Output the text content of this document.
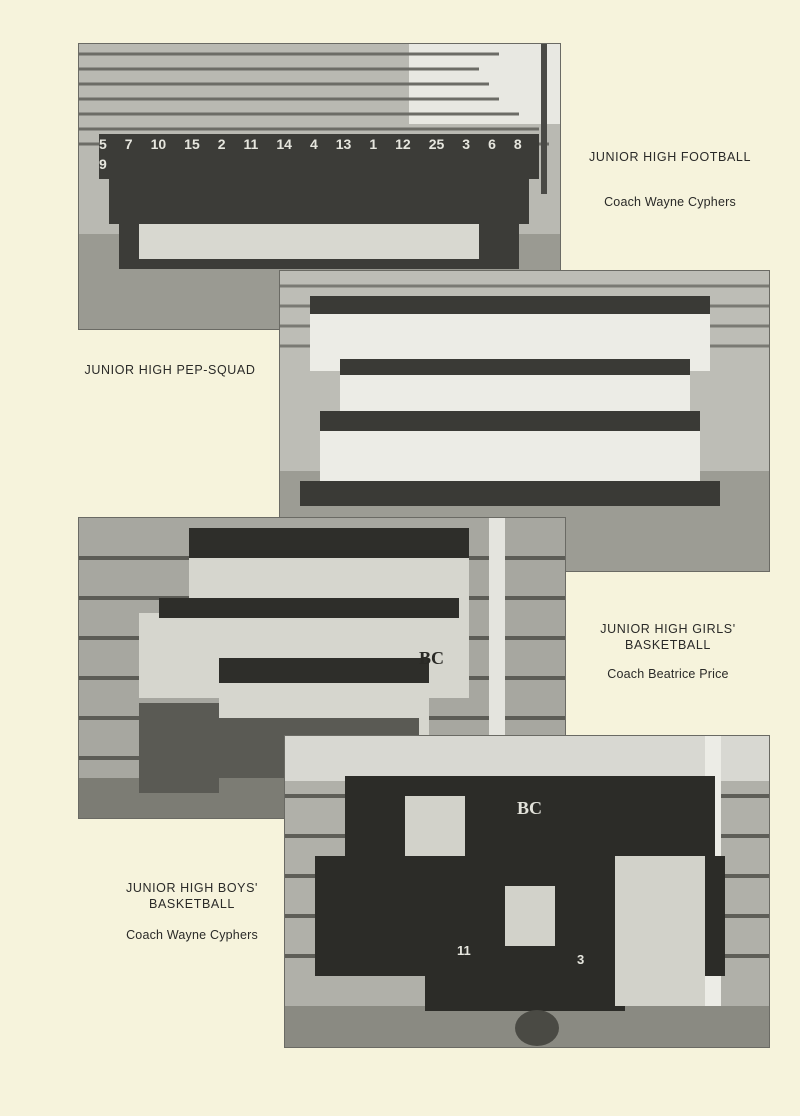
5 7 10 15 2 11 14 4 13 1 12 25 3 6 8
9	JUNIOR HIGH FOOTBALL
Coach Wayne Cyphers
JUNIOR HIGH PEP-SQUAD
BC
JUNIOR HIGH GIRLS'
BASKETBALL
Coach Beatrice Price
BC
11
3
JUNIOR HIGH BOYS'
BASKETBALL
Coach Wayne Cyphers
